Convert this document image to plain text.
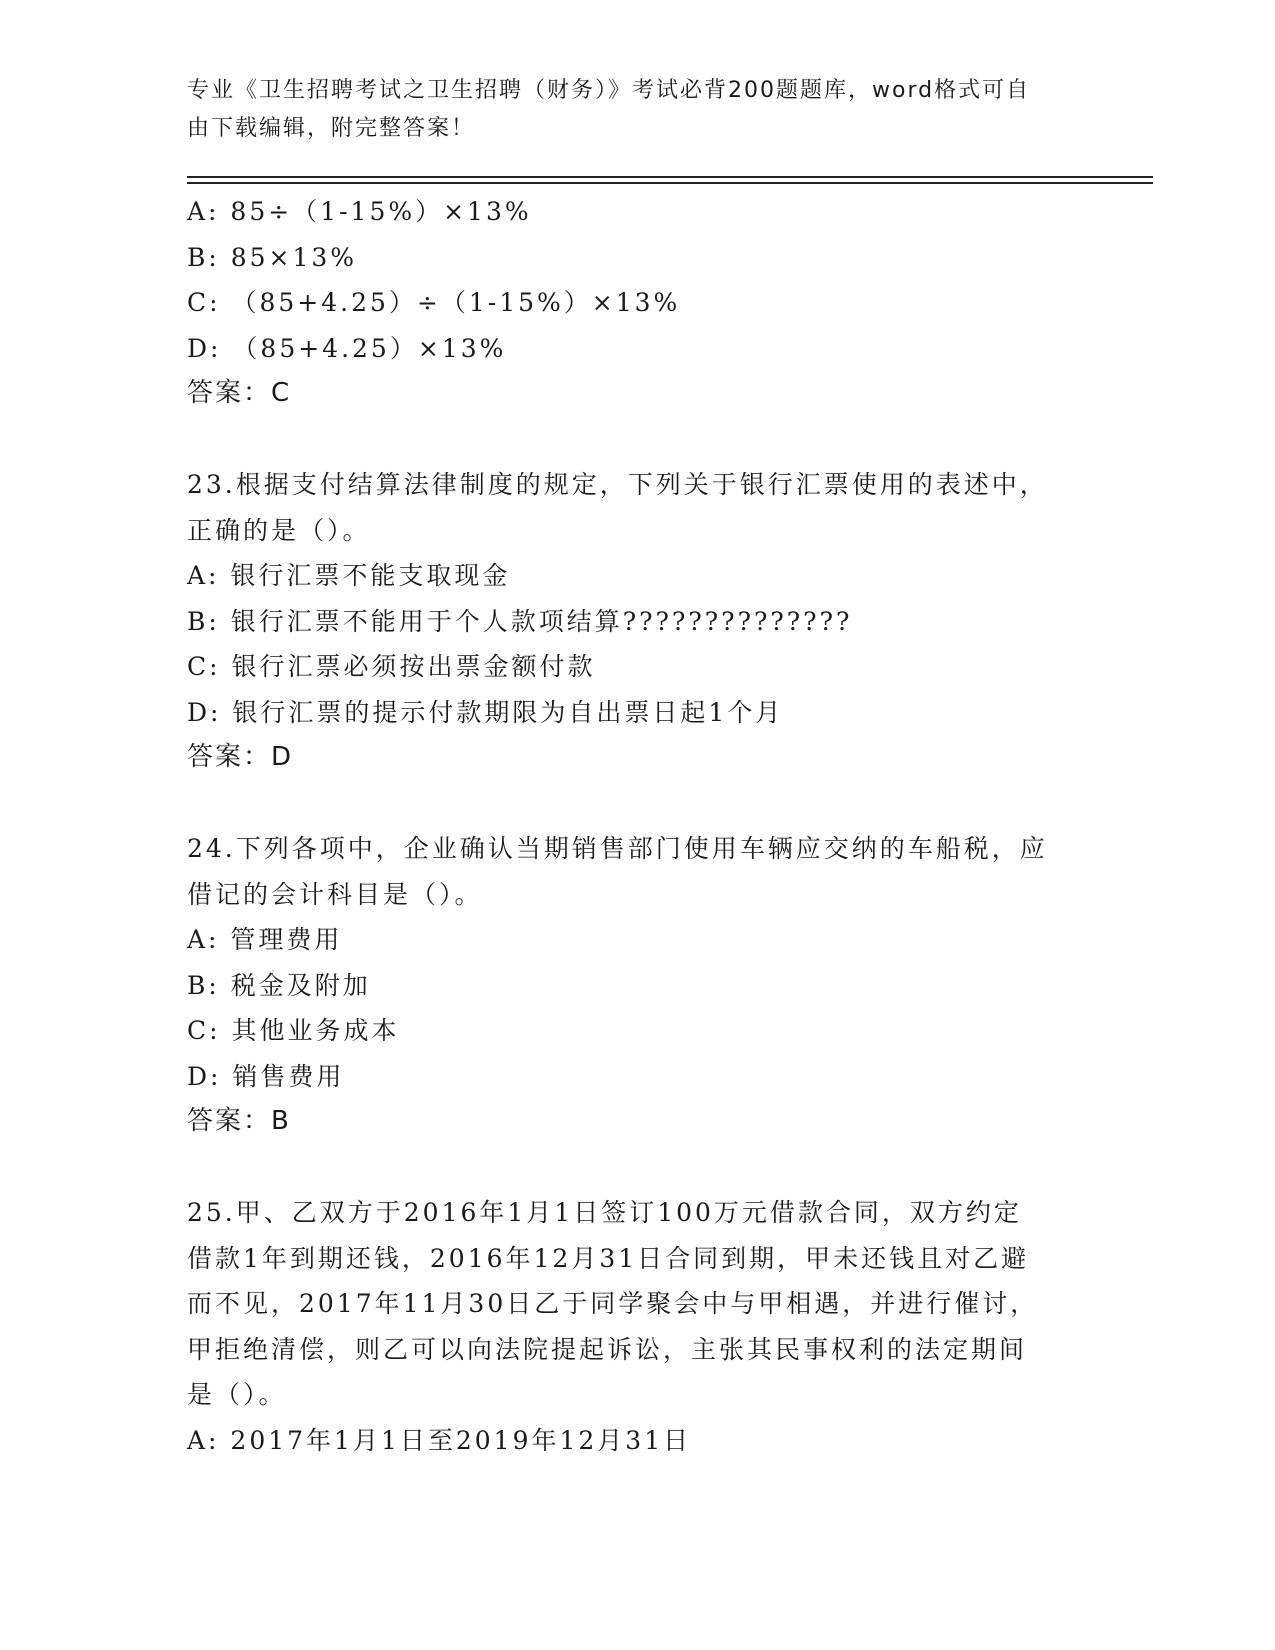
专业《卫生招聘考试之卫生招聘（财务）》考试必背200题题库，word格式可自
由下载编辑，附完整答案！
A: 85÷（1-15%）×13%
B: 85×13%
C: （85+4.25）÷（1-15%）×13%
D: （85+4.25）×13%
答案：C
23.根据支付结算法律制度的规定，下列关于银行汇票使用的表述中，
正确的是（）。
A: 银行汇票不能支取现金
B: 银行汇票不能用于个人款项结算??????????????
C: 银行汇票必须按出票金额付款
D: 银行汇票的提示付款期限为自出票日起1个月
答案：D
24.下列各项中，企业确认当期销售部门使用车辆应交纳的车船税，应
借记的会计科目是（）。
A: 管理费用
B: 税金及附加
C: 其他业务成本
D: 销售费用
答案：B
25.甲、乙双方于2016年1月1日签订100万元借款合同，双方约定
借款1年到期还钱，2016年12月31日合同到期，甲未还钱且对乙避
而不见，2017年11月30日乙于同学聚会中与甲相遇，并进行催讨，
甲拒绝清偿，则乙可以向法院提起诉讼，主张其民事权利的法定期间
是（）。
A: 2017年1月1日至2019年12月31日
